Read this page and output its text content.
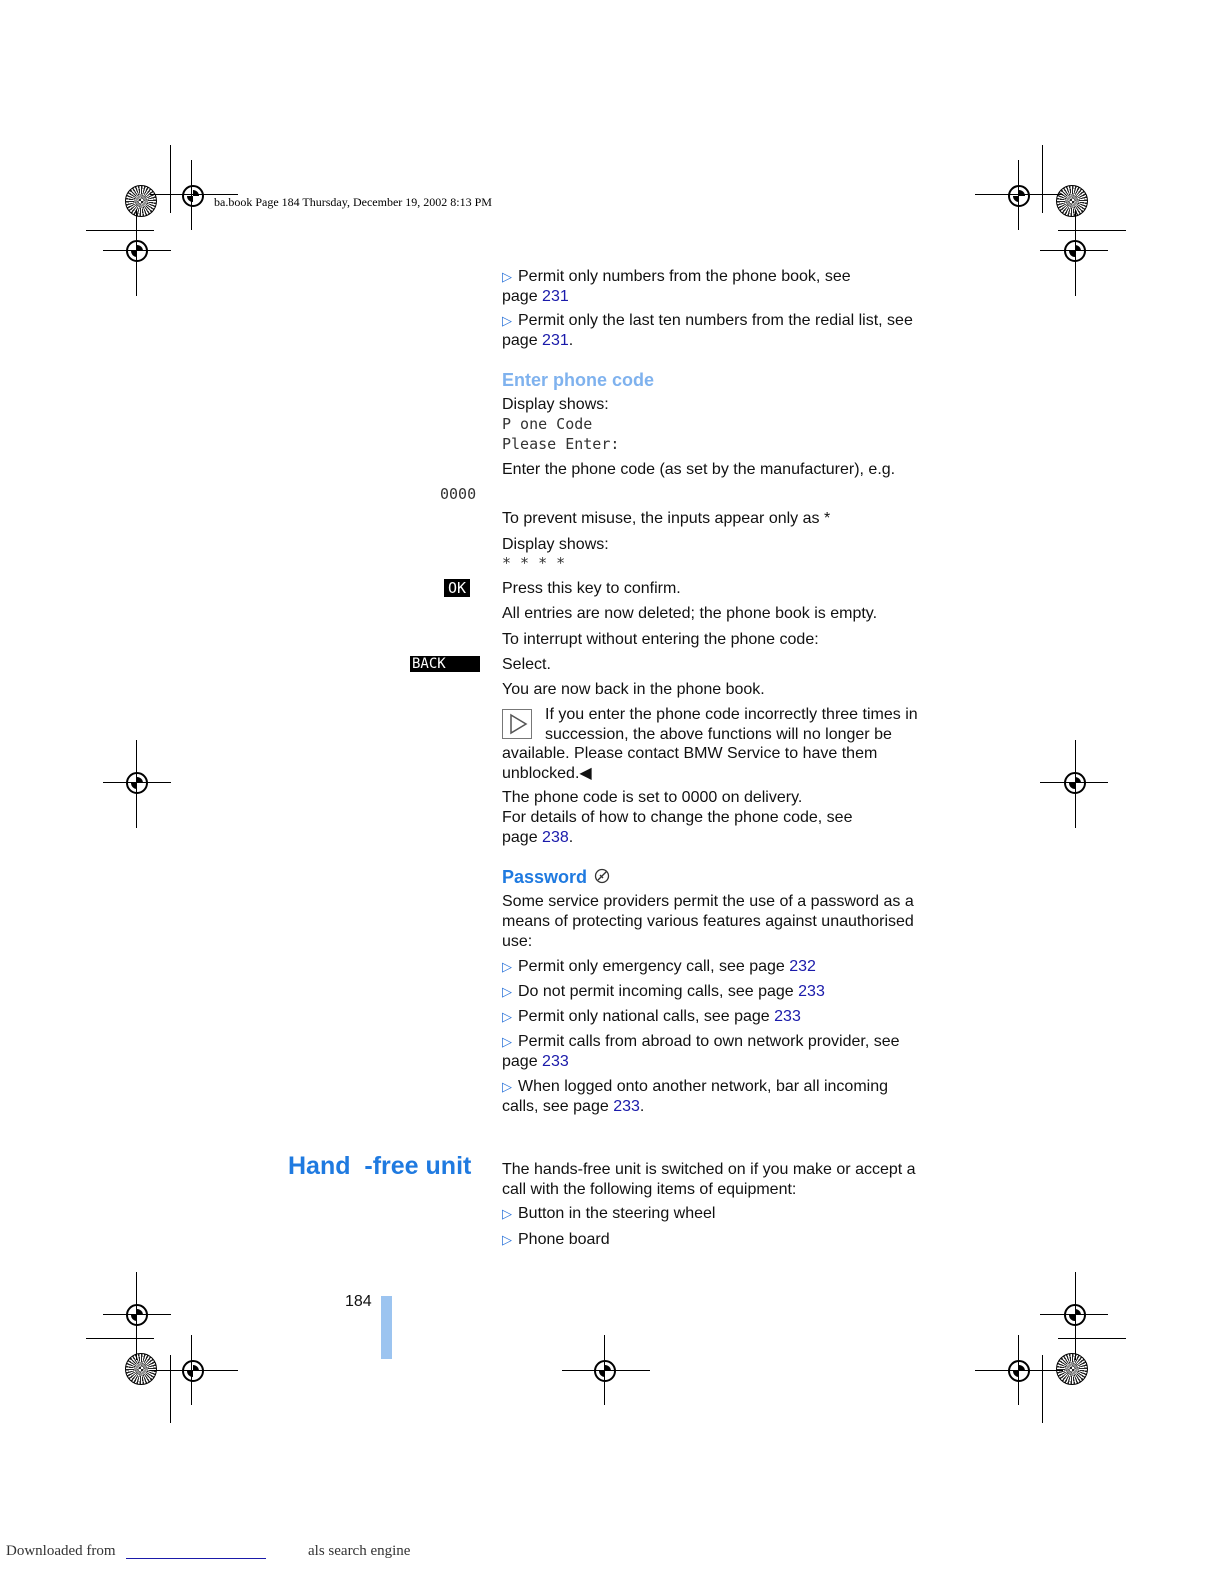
ba.book Page 184 Thursday, December 19, 2002 8:13 PM
▷ Permit only numbers from the phone book, see
page 231
▷ Permit only the last ten numbers from the redial list, see
page 231.
Enter phone code
Display shows:
P one Code
Please Enter:
Enter the phone code (as set by the manufacturer), e.g.
0000
To prevent misuse, the inputs appear only as *
Display shows:
* * * *
OK Press this key to confirm.
All entries are now deleted; the phone book is empty.
To interrupt without entering the phone code:
BACK	Select.
You are now back in the phone book.
If you enter the phone code incorrectly three times in
succession, the above functions will no longer be
available. Please contact BMW Service to have them
unblocked.◀
The phone code is set to 0000 on delivery.
For details of how to change the phone code, see
page 238.
Password
Some service providers permit the use of a password as a
means of protecting various features against unauthorised
use:
▷ Permit only emergency call, see page 232
▷ Do not permit incoming calls, see page 233
▷ Permit only national calls, see page 233
▷ Permit calls from abroad to own network provider, see
page 233
▷ When logged onto another network, bar all incoming
calls, see page 233.
Hand  -free unit The hands-free unit is switched on if you make or accept a
call with the following items of equipment:
▷ Button in the steering wheel
▷ Phone board
184
Downloaded from	als search engine
